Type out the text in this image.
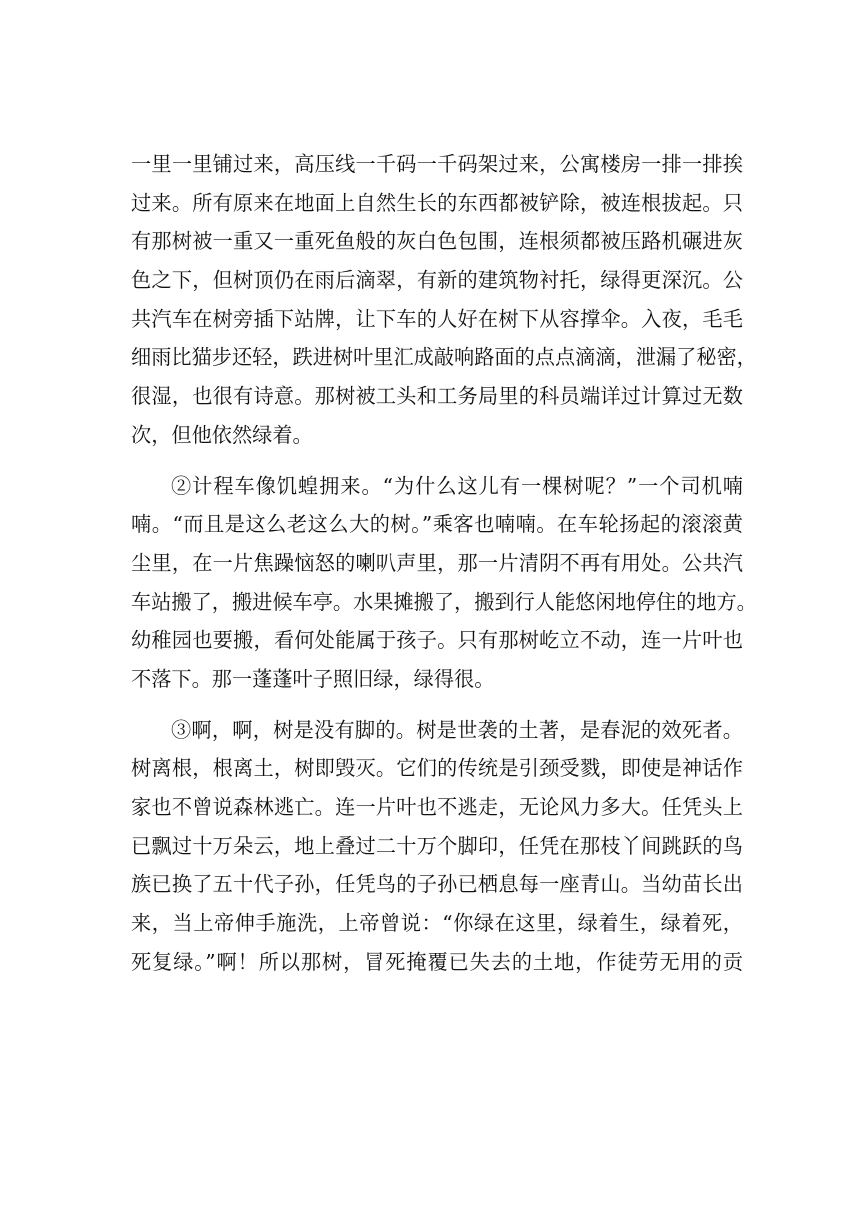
一里一里铺过来，高压线一千码一千码架过来，公寓楼房一排一排挨
过来。所有原来在地面上自然生长的东西都被铲除，被连根拔起。只
有那树被一重又一重死鱼般的灰白色包围，连根须都被压路机碾进灰
色之下，但树顶仍在雨后滴翠，有新的建筑物衬托，绿得更深沉。公
共汽车在树旁插下站牌，让下车的人好在树下从容撑伞。入夜，毛毛
细雨比猫步还轻，跌进树叶里汇成敲响路面的点点滴滴，泄漏了秘密，
很湿，也很有诗意。那树被工头和工务局里的科员端详过计算过无数
次，但他依然绿着。
②计程车像饥蝗拥来。“为什么这儿有一棵树呢？”一个司机喃
喃。“而且是这么老这么大的树。”乘客也喃喃。在车轮扬起的滚滚黄
尘里，在一片焦躁恼怒的喇叭声里，那一片清阴不再有用处。公共汽
车站搬了，搬进候车亭。水果摊搬了，搬到行人能悠闲地停住的地方。
幼稚园也要搬，看何处能属于孩子。只有那树屹立不动，连一片叶也
不落下。那一蓬蓬叶子照旧绿，绿得很。
③啊，啊，树是没有脚的。树是世袭的土著，是春泥的效死者。
树离根，根离土，树即毁灭。它们的传统是引颈受戮，即使是神话作
家也不曾说森林逃亡。连一片叶也不逃走，无论风力多大。任凭头上
已飘过十万朵云，地上叠过二十万个脚印，任凭在那枝丫间跳跃的鸟
族已换了五十代子孙，任凭鸟的子孙已栖息每一座青山。当幼苗长出
来，当上帝伸手施洗，上帝曾说：“你绿在这里，绿着生，绿着死，
死复绿。”啊！所以那树，冒死掩覆已失去的土地，作徒劳无用的贡
